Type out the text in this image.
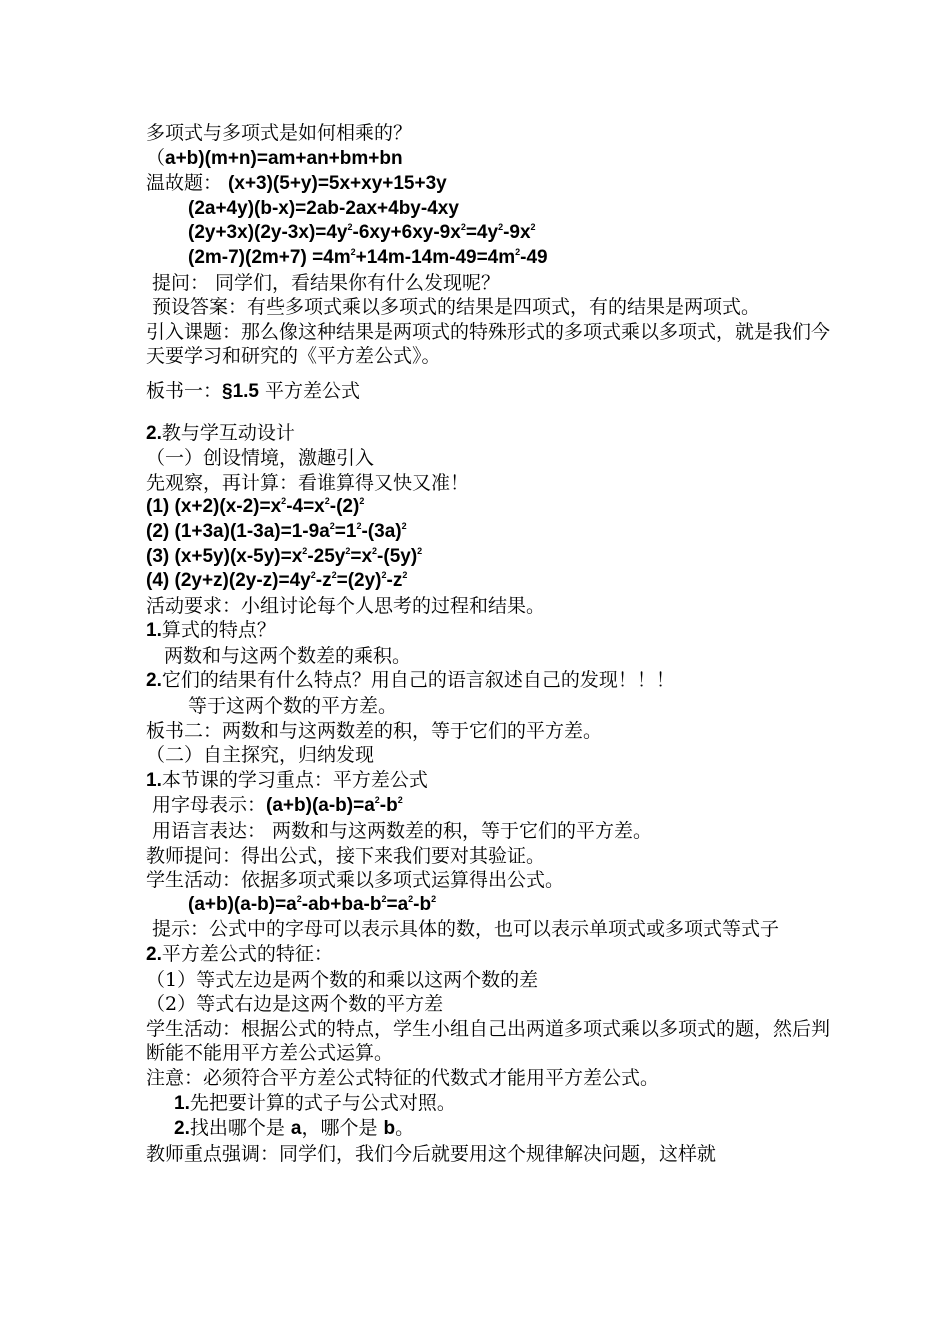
多项式与多项式是如何相乘的？
（a+b)(m+n)=am+an+bm+bn
温故题： (x+3)(5+y)=5x+xy+15+3y
(2a+4y)(b-x)=2ab-2ax+4by-4xy
$(2y+3x)(2y-3x)=4y^2-6xy+6xy-9x^2=4y^2-9x^2$
$(2m-7)(2m+7) =4m^2+14m-14m-49=4m^2-49$
提问： 同学们，看结果你有什么发现呢？
预设答案：有些多项式乘以多项式的结果是四项式，有的结果是两项式。
引入课题：那么像这种结果是两项式的特殊形式的多项式乘以多项式，就是我们今天要学习和研究的《平方差公式》。
板书一：§1.5 平方差公式
2.教与学互动设计
（一）创设情境，激趣引入
先观察，再计算：看谁算得又快又准！
(1) $(x+2)(x-2)=x^2-4=x^2-(2)^2$
(2) $(1+3a)(1-3a)=1-9a^2=1^2-(3a)^2$
(3) $(x+5y)(x-5y)=x^2-25y^2=x^2-(5y)^2$
(4) $(2y+z)(2y-z)=4y^2-z^2=(2y)^2-z^2$
活动要求：小组讨论每个人思考的过程和结果。
1.算式的特点？
两数和与这两个数差的乘积。
2.它们的结果有什么特点？用自己的语言叙述自己的发现！！！
等于这两个数的平方差。
板书二：两数和与这两数差的积，等于它们的平方差。
（二）自主探究，归纳发现
1.本节课的学习重点：平方差公式
用字母表示：$(a+b)(a-b)=a^2-b^2$
用语言表达： 两数和与这两数差的积，等于它们的平方差。
教师提问：得出公式，接下来我们要对其验证。
学生活动：依据多项式乘以多项式运算得出公式。
$(a+b)(a-b)=a^2-ab+ba-b^2=a^2-b^2$
提示：公式中的字母可以表示具体的数，也可以表示单项式或多项式等式子
2.平方差公式的特征：
（1）等式左边是两个数的和乘以这两个数的差
（2）等式右边是这两个数的平方差
学生活动：根据公式的特点，学生小组自己出两道多项式乘以多项式的题，然后判断能不能用平方差公式运算。
注意：必须符合平方差公式特征的代数式才能用平方差公式。
1.先把要计算的式子与公式对照。
2.找出哪个是 a，哪个是 b。
教师重点强调：同学们，我们今后就要用这个规律解决问题，这样就
